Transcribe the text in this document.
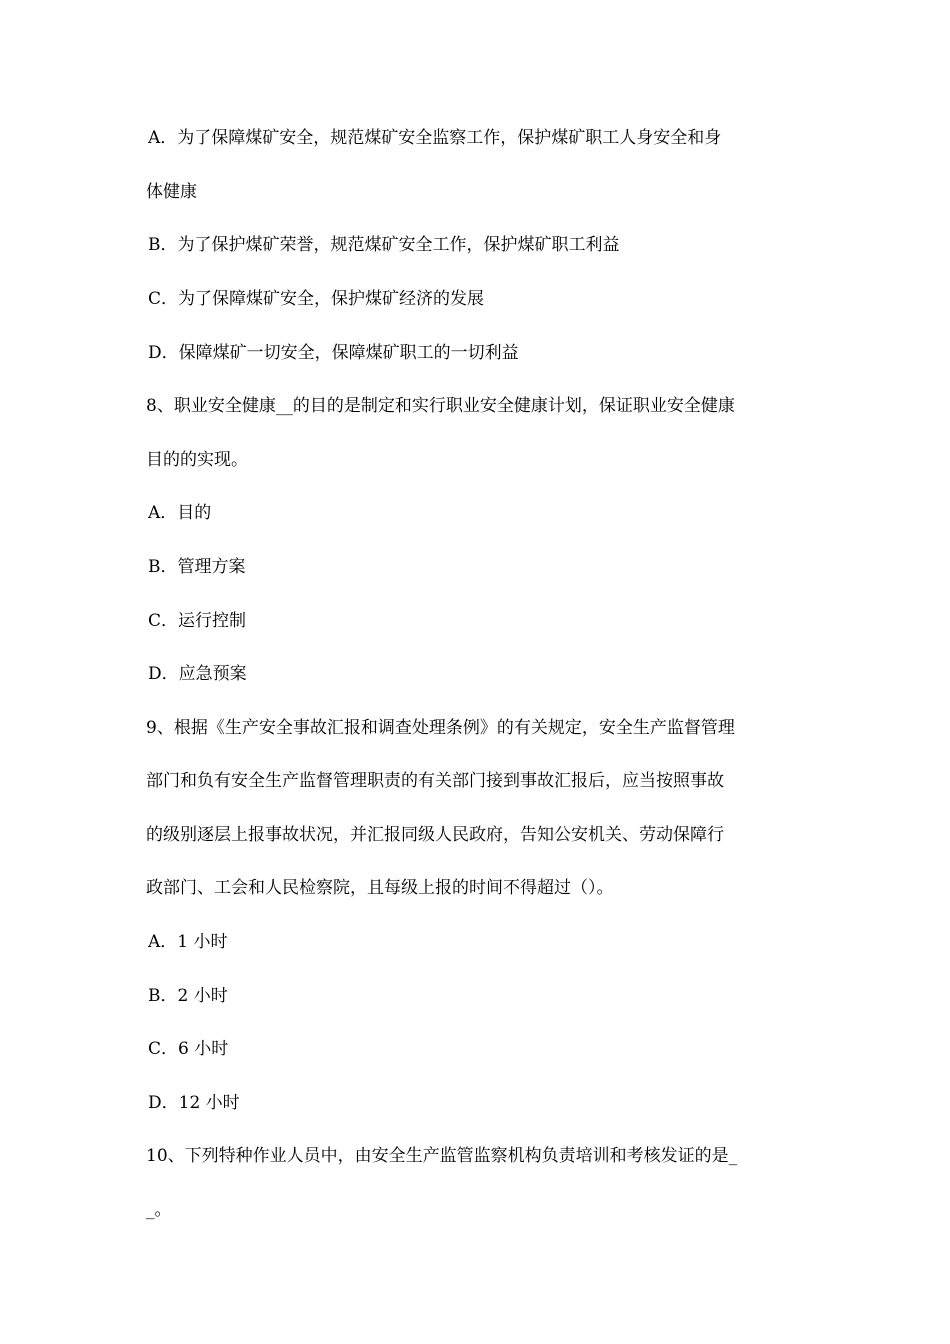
A．为了保障煤矿安全，规范煤矿安全监察工作，保护煤矿职工人身安全和身
体健康
B．为了保护煤矿荣誉，规范煤矿安全工作，保护煤矿职工利益
C．为了保障煤矿安全，保护煤矿经济的发展
D．保障煤矿一切安全，保障煤矿职工的一切利益
8、职业安全健康__的目的是制定和实行职业安全健康计划，保证职业安全健康
目的的实现。
A．目的
B．管理方案
C．运行控制
D．应急预案
9、根据《生产安全事故汇报和调查处理条例》的有关规定，安全生产监督管理
部门和负有安全生产监督管理职责的有关部门接到事故汇报后，应当按照事故
的级别逐层上报事故状况，并汇报同级人民政府，告知公安机关、劳动保障行
政部门、工会和人民检察院，且每级上报的时间不得超过（）。
A．1 小时
B．2 小时
C．6 小时
D．12 小时
10、下列特种作业人员中，由安全生产监管监察机构负责培训和考核发证的是_
_。
